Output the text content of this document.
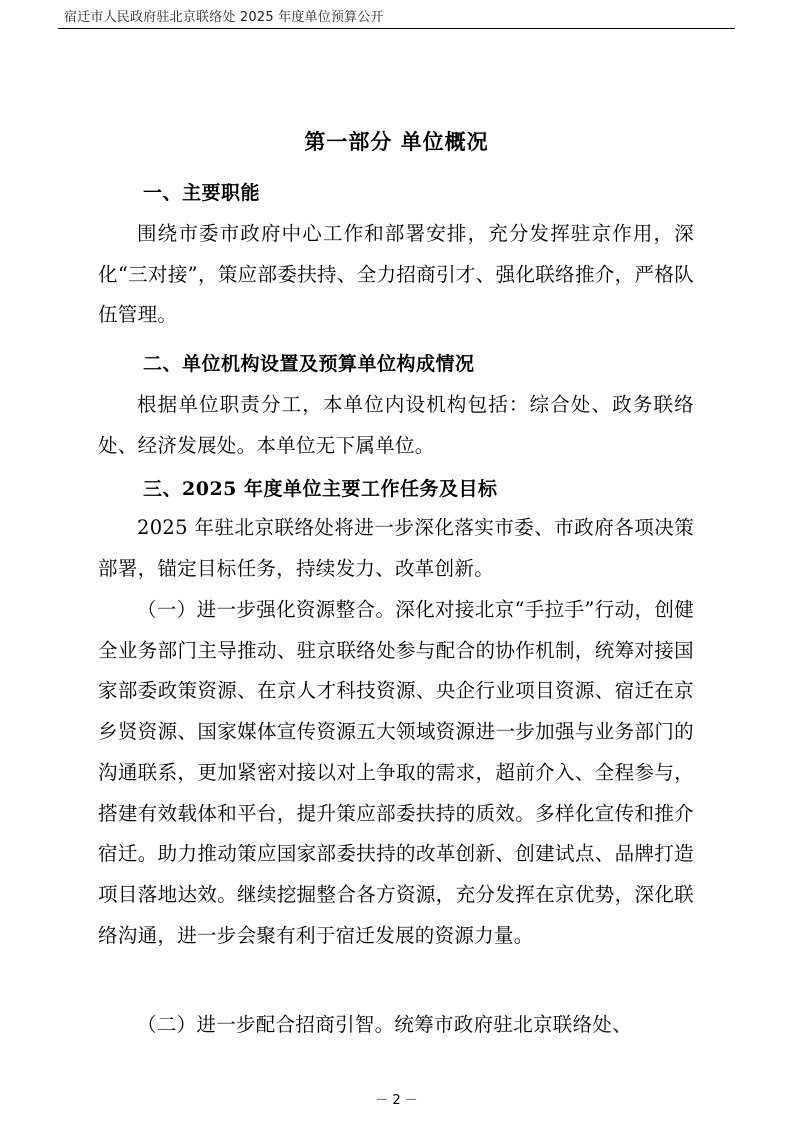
宿迁市人民政府驻北京联络处 2025 年度单位预算公开
第一部分 单位概况
一、主要职能

围绕市委市政府中心工作和部署安排，充分发挥驻京作用，深化“三对接”，策应部委扶持、全力招商引才、强化联络推介，严格队伍管理。

二、单位机构设置及预算单位构成情况

根据单位职责分工，本单位内设机构包括：综合处、政务联络处、经济发展处。本单位无下属单位。

三、2025 年度单位主要工作任务及目标

2025 年驻北京联络处将进一步深化落实市委、市政府各项决策部署，锚定目标任务，持续发力、改革创新。

（一）进一步强化资源整合。深化对接北京“手拉手”行动，创健全业务部门主导推动、驻京联络处参与配合的协作机制，统筹对接国家部委政策资源、在京人才科技资源、央企行业项目资源、宿迁在京乡贤资源、国家媒体宣传资源五大领域资源进一步加强与业务部门的沟通联系，更加紧密对接以对上争取的需求，超前介入、全程参与，搭建有效载体和平台，提升策应部委扶持的质效。多样化宣传和推介宿迁。助力推动策应国家部委扶持的改革创新、创建试点、品牌打造项目落地达效。继续挖掘整合各方资源，充分发挥在京优势，深化联络沟通，进一步会聚有利于宿迁发展的资源力量。

（二）进一步配合招商引智。统筹市政府驻北京联络处、

－ 2 －
